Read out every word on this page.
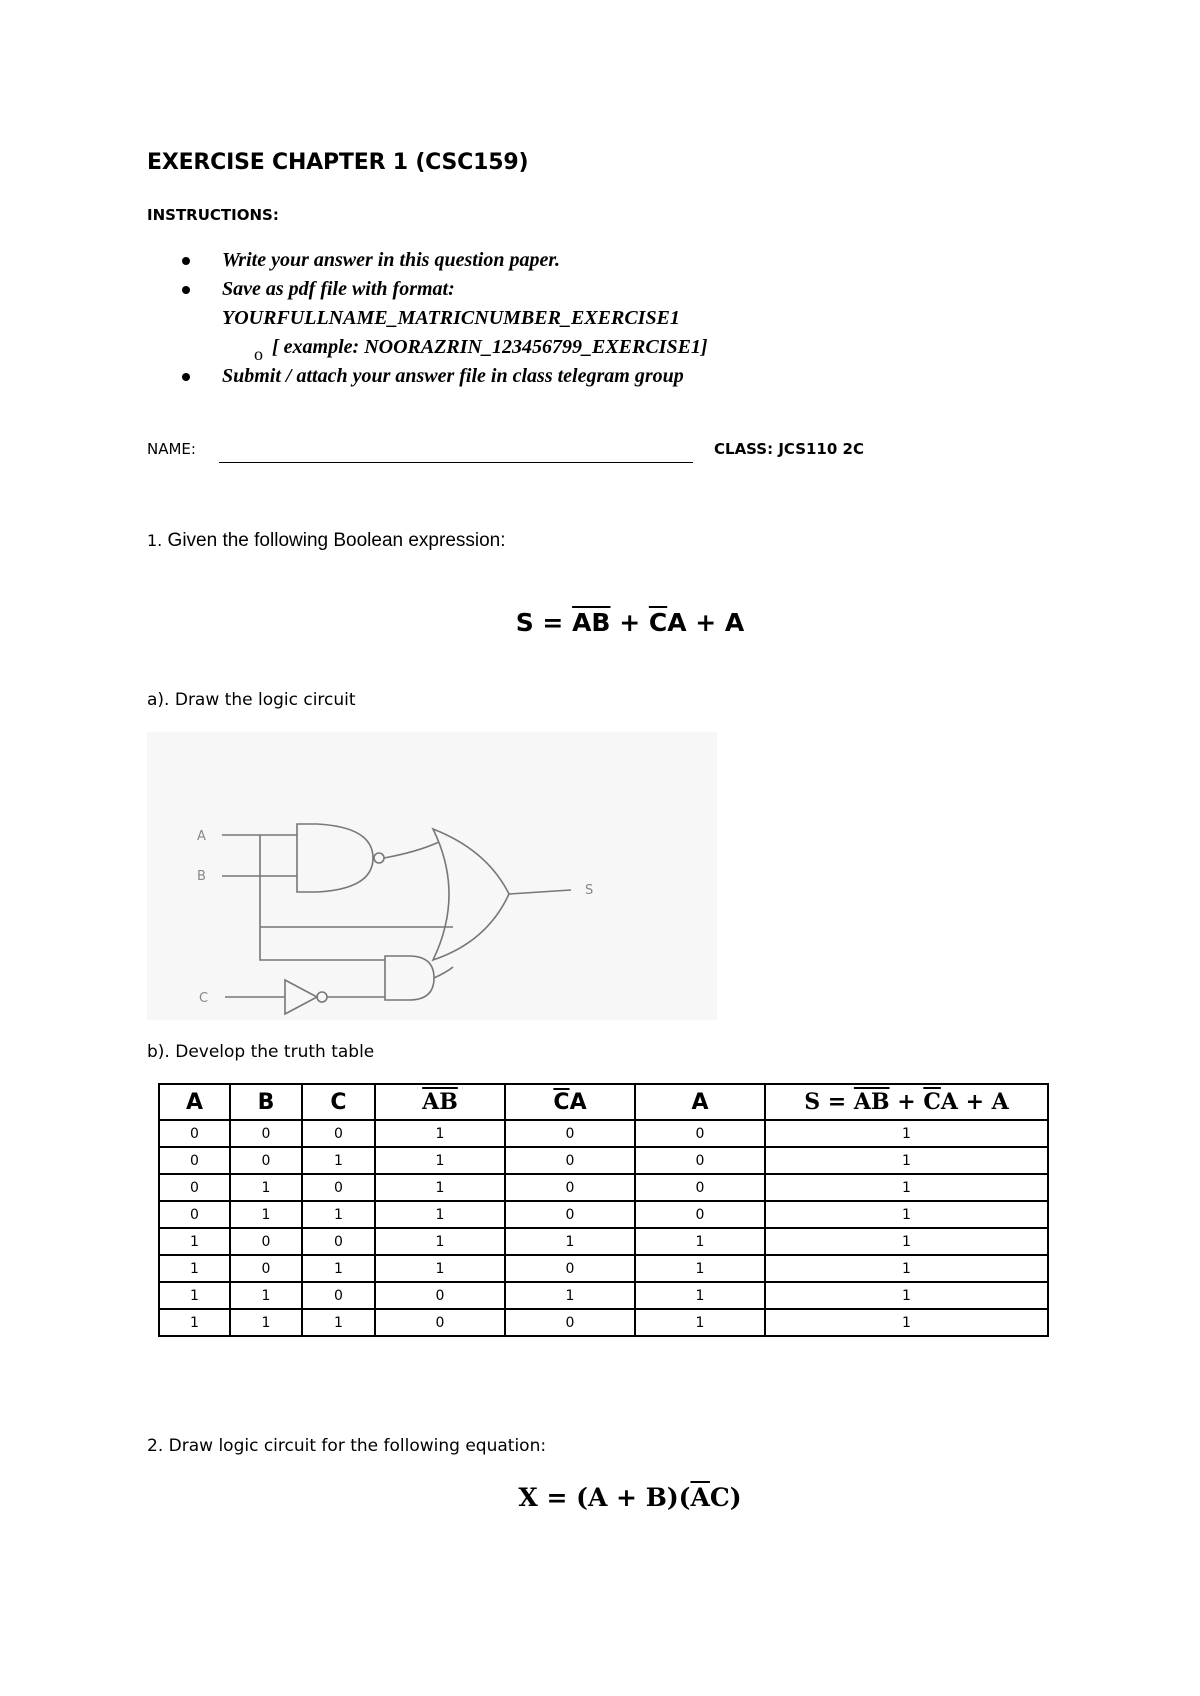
EXERCISE CHAPTER 1 (CSC159)
INSTRUCTIONS:
Write your answer in this question paper.
Save as pdf file with format:
YOURFULLNAME_MATRICNUMBER_EXERCISE1
o [ example: NOORAZRIN_123456799_EXERCISE1]
Submit / attach your answer file in class telegram group
NAME:	CLASS: JCS110 2C
1. Given the following Boolean expression:
$S = \overline{AB} + \overline{C}A + A$
a). Draw the logic circuit
A
B
C
S
b). Develop the truth table
A	B	C	$\overline{AB}$	$\overline{C}A$	A	$S = \overline{AB} + \overline{C}A + A$
0	0	0	1	0	0	1
0	0	1	1	0	0	1
0	1	0	1	0	0	1
0	1	1	1	0	0	1
1	0	0	1	1	1	1
1	0	1	1	0	1	1
1	1	0	0	1	1	1
1	1	1	0	0	1	1
2. Draw logic circuit for the following equation:
$X = (A + B)(\overline{A}C)$
